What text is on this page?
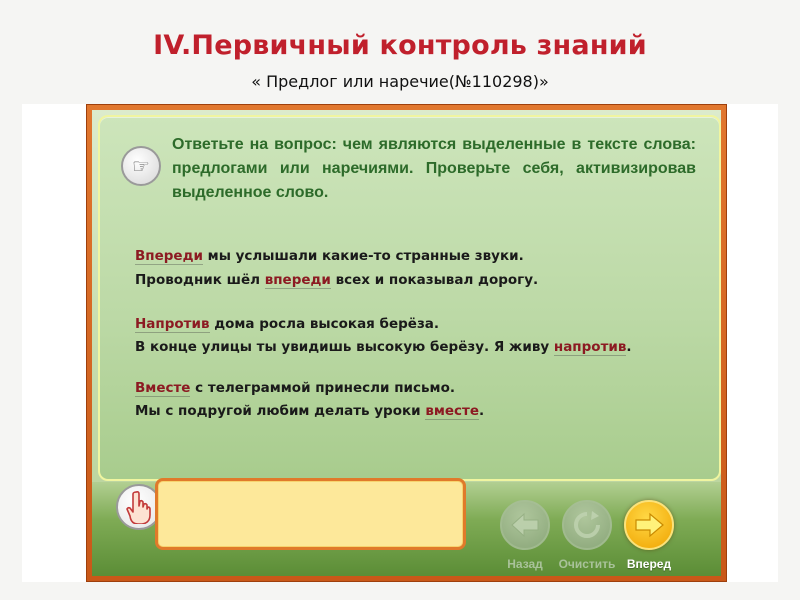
IV.Первичный контроль знаний
« Предлог или наречие(№110298)»
☞
Ответьте на вопрос: чем являются выделенные в тексте слова: предлогами или наречиями. Проверьте себя, активизировав выделенное слово.
Впереди мы услышали какие-то странные звуки.
Проводник шёл впереди всех и показывал дорогу.
Напротив дома росла высокая берёза.
В конце улицы ты увидишь высокую берёзу. Я живу напротив.
Вместе с телеграммой принесли письмо.
Мы с подругой любим делать уроки вместе.
Назад	Очистить Вперед
